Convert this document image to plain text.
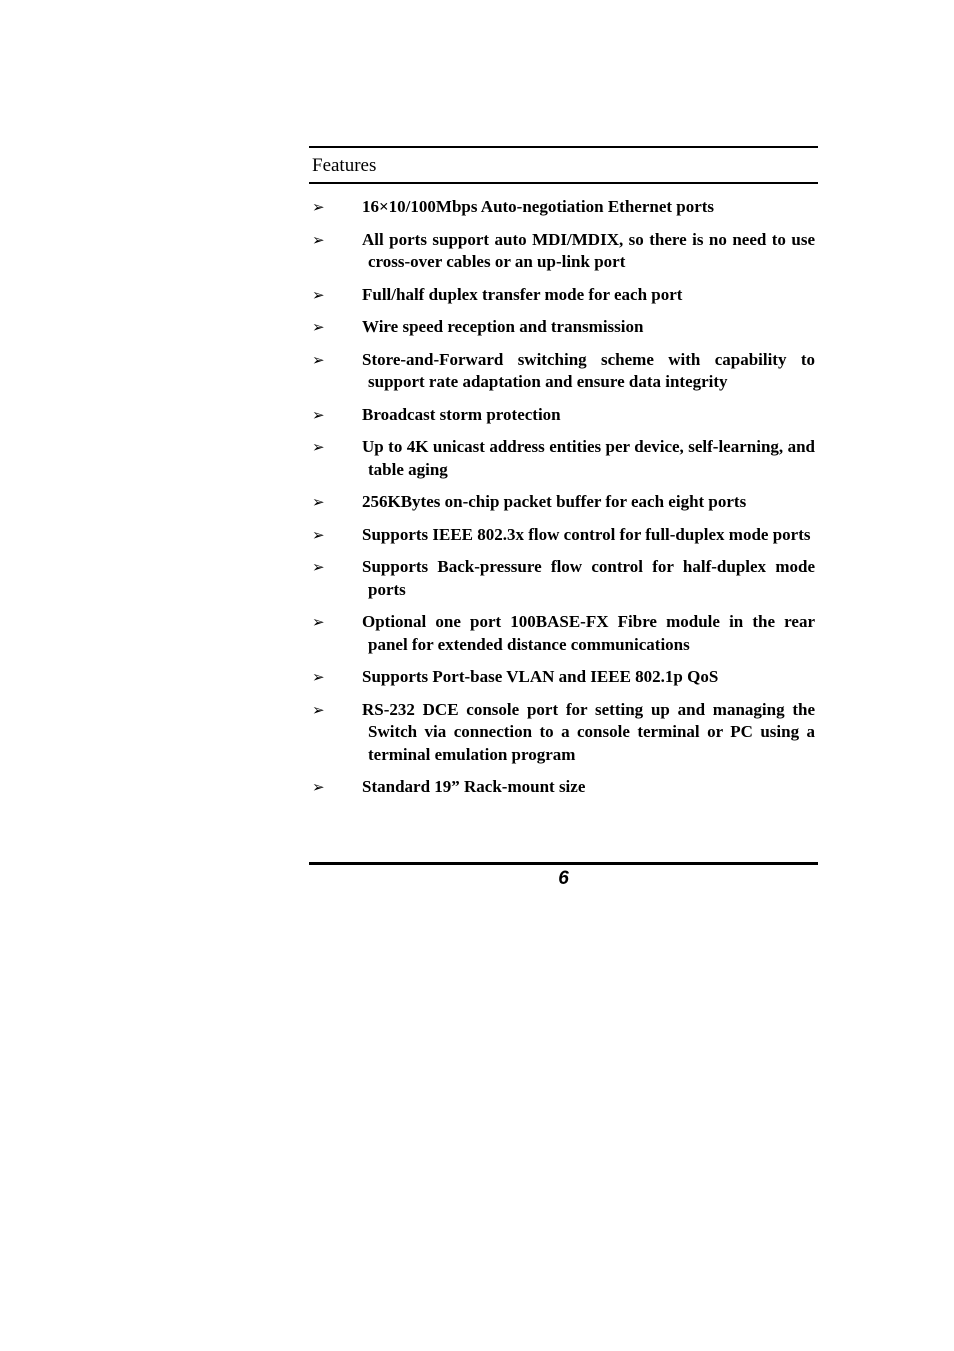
Features
➢ 16×10/100Mbps Auto-negotiation Ethernet ports
➢ All ports support auto MDI/MDIX, so there is no need to use cross-over cables or an up-link port
➢ Full/half duplex transfer mode for each port
➢ Wire speed reception and transmission
➢ Store-and-Forward switching scheme with capability to support rate adaptation and ensure data integrity
➢ Broadcast storm protection
➢ Up to 4K unicast address entities per device, self-learning, and table aging
➢ 256KBytes on-chip packet buffer for each eight ports
➢ Supports IEEE 802.3x flow control for full-duplex mode ports
➢ Supports Back-pressure flow control for half-duplex mode ports
➢ Optional one port 100BASE-FX Fibre module in the rear panel for extended distance communications
➢ Supports Port-base VLAN and IEEE 802.1p QoS
➢ RS-232 DCE console port for setting up and managing the Switch via connection to a console terminal or PC using a terminal emulation program
➢ Standard 19” Rack-mount size
6
